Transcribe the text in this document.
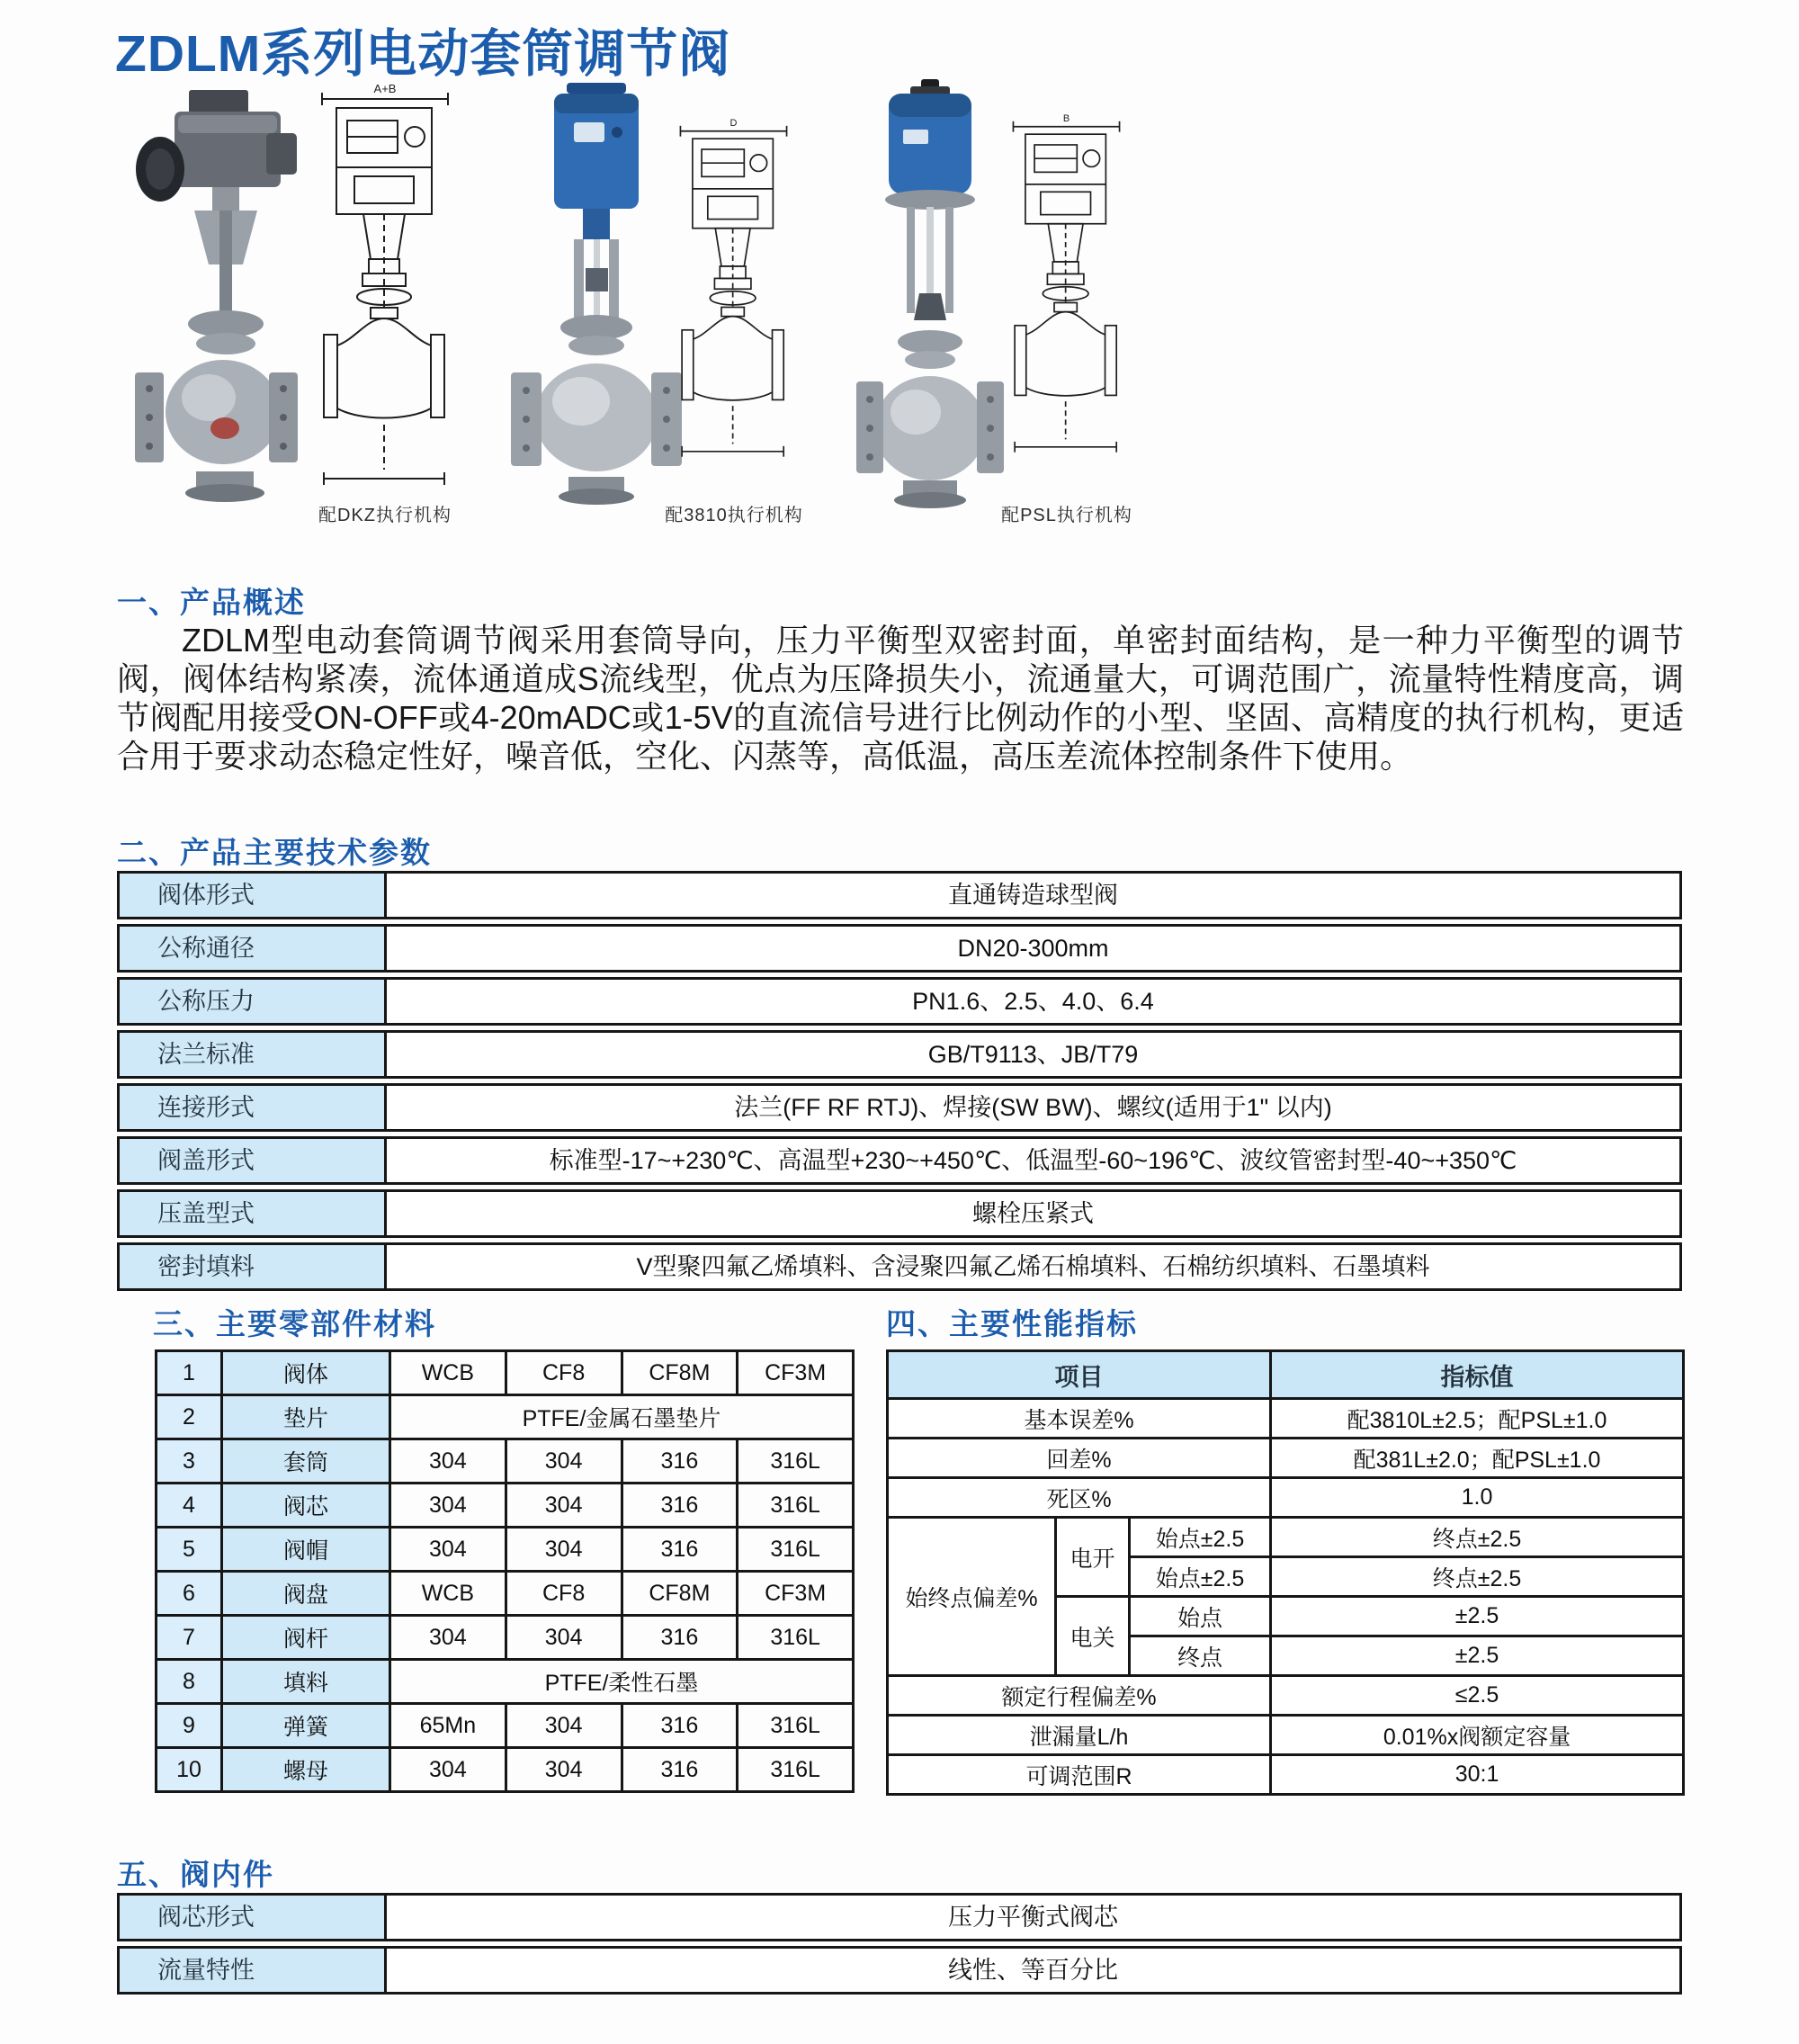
ZDLM系列电动套筒调节阀
A+B
配DKZ执行机构
D
配3810执行机构
B
配PSL执行机构
一、产品概述
ZDLM型电动套筒调节阀采用套筒导向，压力平衡型双密封面，单密封面结构，是一种力平衡型的调节阀，阀体结构紧凑，流体通道成S流线型，优点为压降损失小，流通量大，可调范围广，流量特性精度高，调节阀配用接受ON-OFF或4-20mADC或1-5V的直流信号进行比例动作的小型、坚固、高精度的执行机构，更适合用于要求动态稳定性好，噪音低，空化、闪蒸等，高低温，高压差流体控制条件下使用。
二、产品主要技术参数
阀体形式	直通铸造球型阀
公称通径	DN20-300mm
公称压力	PN1.6、2.5、4.0、6.4
法兰标准	GB/T9113、JB/T79
连接形式	法兰(FF RF RTJ)、焊接(SW BW)、螺纹(适用于1" 以内)
阀盖形式	标准型-17~+230℃、高温型+230~+450℃、低温型-60~196℃、波纹管密封型-40~+350℃
压盖型式	螺栓压紧式
密封填料	V型聚四氟乙烯填料、含浸聚四氟乙烯石棉填料、石棉纺织填料、石墨填料
三、主要零部件材料
1	阀体	WCB	CF8	CF8M	CF3M
2	垫片	PTFE/金属石墨垫片			
3	套筒	304	304	316	316L
4	阀芯	304	304	316	316L
5	阀帽	304	304	316	316L
6	阀盘	WCB	CF8	CF8M	CF3M
7	阀杆	304	304	316	316L
8	填料	PTFE/柔性石墨			
9	弹簧	65Mn	304	316	316L
10	螺母	304	304	316	316L
四、主要性能指标
项目			指标值
基本误差%			配3810L±2.5；配PSL±1.0
回差%			配381L±2.0；配PSL±1.0
死区%			1.0
始终点偏差%	电开	始点±2.5	终点±2.5
		始点±2.5	终点±2.5
	电关	始点	±2.5
		终点	±2.5
额定行程偏差%			≤2.5
泄漏量L/h			0.01%x阀额定容量
可调范围R			30:1
五、阀内件
阀芯形式	压力平衡式阀芯
流量特性	线性、等百分比
